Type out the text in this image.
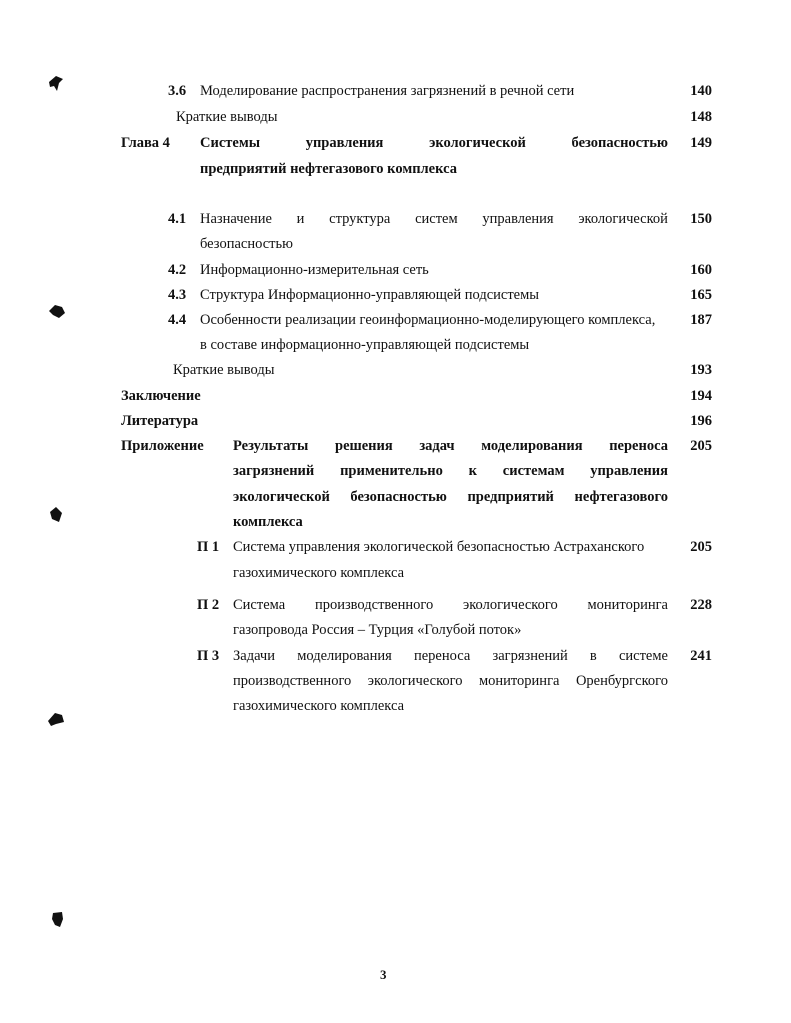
3.6 Моделирование распространения загрязнений в речной сети	140
Краткие выводы	148
Глава 4 Системы	управления	экологической	безопасностью 149
предприятий нефтегазового комплекса
4.1 Назначение и структура систем управления экологической 150
безопасностью
4.2 Информационно-измерительная сеть	160
4.3 Структура Информационно-управляющей подсистемы	165
4.4 Особенности реализации геоинформационно-моделирующего комплекса, 187
в составе информационно-управляющей подсистемы
Краткие выводы	193
Заключение	194
Литература	196
Приложение Результаты решения задач моделирования переноса 205
загрязнений применительно к системам управления
экологической безопасностью предприятий нефтегазового
комплекса
П 1 Система управления экологической безопасностью Астраханского	205
газохимического комплекса
П 2 Система производственного экологического мониторинга 228
газопровода Россия – Турция «Голубой поток»
П 3 Задачи моделирования переноса загрязнений в системе 241
производственного экологического мониторинга Оренбургского
газохимического комплекса
3
